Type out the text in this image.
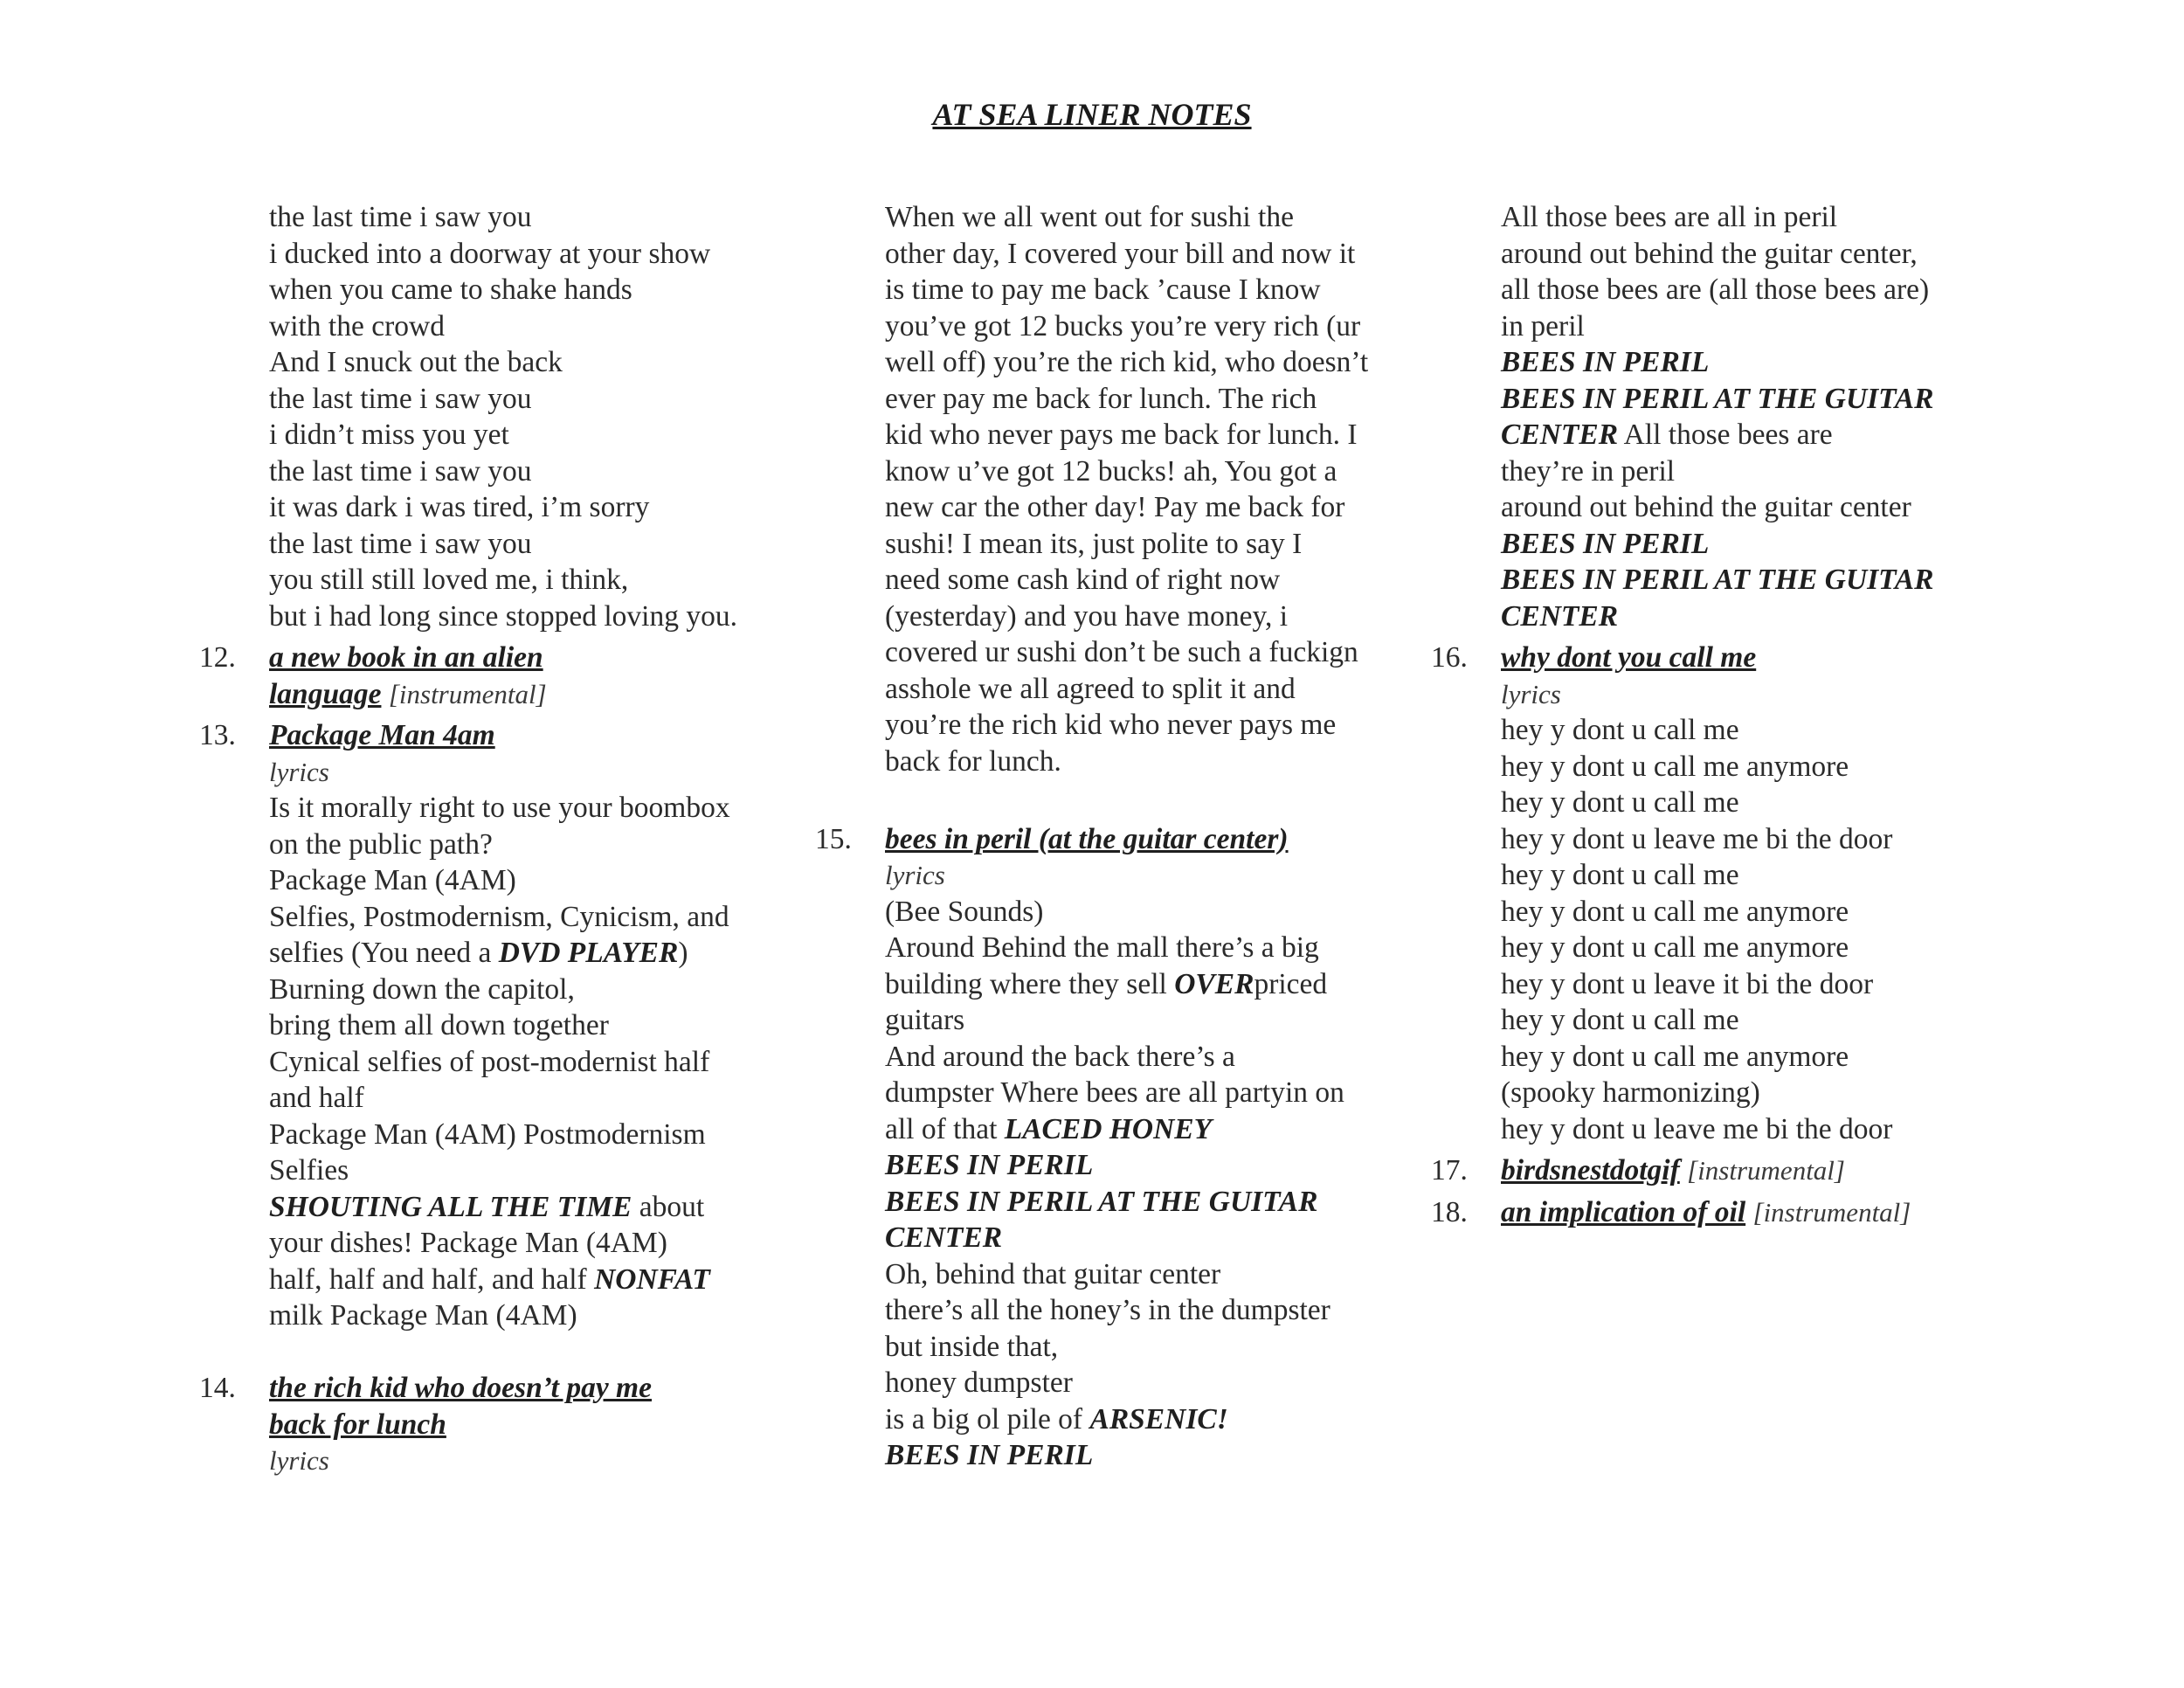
AT SEA LINER NOTES
the last time i saw you
i ducked into a doorway at your show
when you came to shake hands
with the crowd
And I snuck out the back
the last time i saw you
i didn’t miss you yet
the last time i saw you
it was dark i was tired, i’m sorry
the last time i saw you
you still still loved me, i think,
but i had long since stopped loving you.
12. a new book in an alien
language [instrumental]
13. Package Man 4am
lyrics
Is it morally right to use your boombox
on the public path?
Package Man (4AM)
Selfies, Postmodernism, Cynicism, and
selfies (You need a DVD PLAYER)
Burning down the capitol,
bring them all down together
Cynical selfies of post-modernist half
and half
Package Man (4AM) Postmodernism
Selfies
SHOUTING ALL THE TIME about
your dishes! Package Man (4AM)
half, half and half, and half NONFAT
milk Package Man (4AM)
14. the rich kid who doesn’t pay me
back for lunch
lyrics
When we all went out for sushi the
other day, I covered your bill and now it
is time to pay me back ’cause I know
you’ve got 12 bucks you’re very rich (ur
well off) you’re the rich kid, who doesn’t
ever pay me back for lunch. The rich
kid who never pays me back for lunch. I
know u’ve got 12 bucks! ah, You got a
new car the other day! Pay me back for
sushi! I mean its, just polite to say I
need some cash kind of right now
(yesterday) and you have money, i
covered ur sushi don’t be such a fuckign
asshole we all agreed to split it and
you’re the rich kid who never pays me
back for lunch.
15. bees in peril (at the guitar center)
lyrics
(Bee Sounds)
Around Behind the mall there’s a big
building where they sell OVERpriced
guitars
And around the back there’s a
dumpster Where bees are all partyin on
all of that LACED HONEY
BEES IN PERIL
BEES IN PERIL AT THE GUITAR
CENTER
Oh, behind that guitar center
there’s all the honey’s in the dumpster
but inside that,
honey dumpster
is a big ol pile of ARSENIC!
BEES IN PERIL
All those bees are all in peril
around out behind the guitar center,
all those bees are (all those bees are)
in peril
BEES IN PERIL
BEES IN PERIL AT THE GUITAR
CENTER All those bees are
they’re in peril
around out behind the guitar center
BEES IN PERIL
BEES IN PERIL AT THE GUITAR
CENTER
16. why dont you call me
lyrics
hey y dont u call me
hey y dont u call me anymore
hey y dont u call me
hey y dont u leave me bi the door
hey y dont u call me
hey y dont u call me anymore
hey y dont u call me anymore
hey y dont u leave it bi the door
hey y dont u call me
hey y dont u call me anymore
(spooky harmonizing)
hey y dont u leave me bi the door
17. birdsnestdotgif [instrumental]
18. an implication of oil [instrumental]
